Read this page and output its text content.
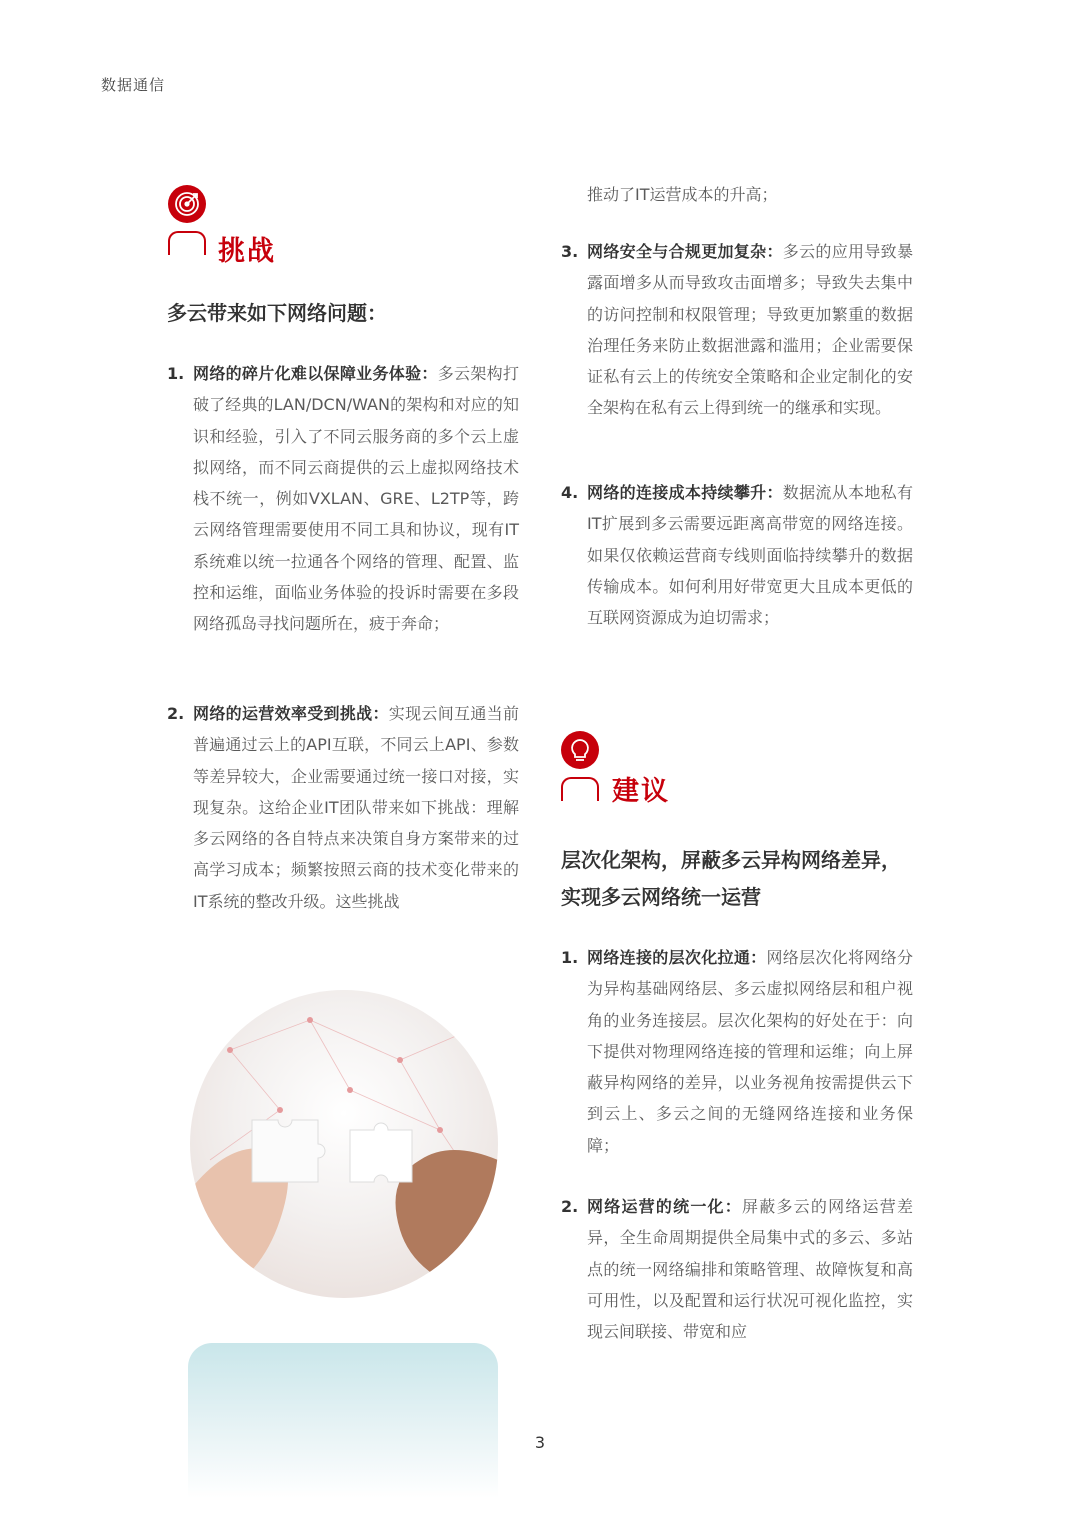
数据通信
挑战
多云带来如下网络问题：
1. 网络的碎片化难以保障业务体验：多云架构打破了经典的LAN/DCN/WAN的架构和对应的知识和经验，引入了不同云服务商的多个云上虚拟网络，而不同云商提供的云上虚拟网络技术栈不统一，例如VXLAN、GRE、L2TP等，跨云网络管理需要使用不同工具和协议，现有IT系统难以统一拉通各个网络的管理、配置、监控和运维，面临业务体验的投诉时需要在多段网络孤岛寻找问题所在，疲于奔命；
2. 网络的运营效率受到挑战：实现云间互通当前普遍通过云上的API互联，不同云上API、参数等差异较大，企业需要通过统一接口对接，实现复杂。这给企业IT团队带来如下挑战：理解多云网络的各自特点来决策自身方案带来的过高学习成本；频繁按照云商的技术变化带来的IT系统的整改升级。这些挑战
推动了IT运营成本的升高；
3. 网络安全与合规更加复杂：多云的应用导致暴露面增多从而导致攻击面增多；导致失去集中的访问控制和权限管理；导致更加繁重的数据治理任务来防止数据泄露和滥用；企业需要保证私有云上的传统安全策略和企业定制化的安全架构在私有云上得到统一的继承和实现。
4. 网络的连接成本持续攀升：数据流从本地私有IT扩展到多云需要远距离高带宽的网络连接。如果仅依赖运营商专线则面临持续攀升的数据传输成本。如何利用好带宽更大且成本更低的互联网资源成为迫切需求；
建议
层次化架构，屏蔽多云异构网络差异，
实现多云网络统一运营
1. 网络连接的层次化拉通：网络层次化将网络分为异构基础网络层、多云虚拟网络层和租户视角的业务连接层。层次化架构的好处在于：向下提供对物理网络连接的管理和运维；向上屏蔽异构网络的差异，以业务视角按需提供云下到云上、多云之间的无缝网络连接和业务保障；
2. 网络运营的统一化：屏蔽多云的网络运营差异，全生命周期提供全局集中式的多云、多站点的统一网络编排和策略管理、故障恢复和高可用性，以及配置和运行状况可视化监控，实现云间联接、带宽和应
3
